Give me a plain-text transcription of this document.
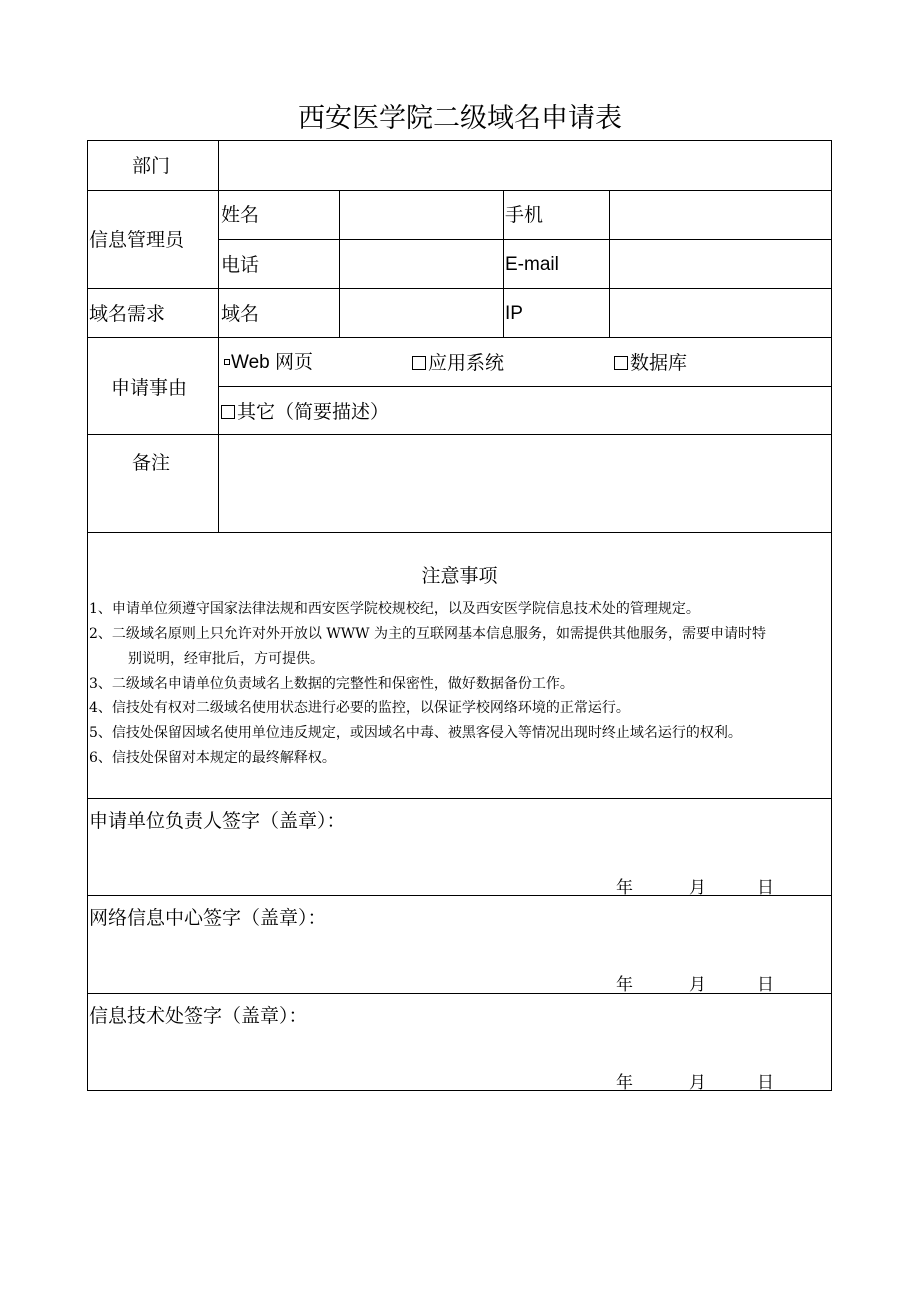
西安医学院二级域名申请表
部门
信息管理员
姓名	手机
电话	E-mail
域名需求	域名	IP
申请事由
Web 网页	应用系统	数据库
其它（简要描述）
备注
注意事项
1、申请单位须遵守国家法律法规和西安医学院校规校纪，以及西安医学院信息技术处的管理规定。
2、二级域名原则上只允许对外开放以 WWW 为主的互联网基本信息服务，如需提供其他服务，需要申请时特
别说明，经审批后，方可提供。
3、二级域名申请单位负责域名上数据的完整性和保密性，做好数据备份工作。
4、信技处有权对二级域名使用状态进行必要的监控，以保证学校网络环境的正常运行。
5、信技处保留因域名使用单位违反规定，或因域名中毒、被黑客侵入等情况出现时终止域名运行的权利。
6、信技处保留对本规定的最终解释权。
申请单位负责人签字（盖章）：
年	月	日
网络信息中心签字（盖章）：
年	月	日
信息技术处签字（盖章）：
年	月	日
